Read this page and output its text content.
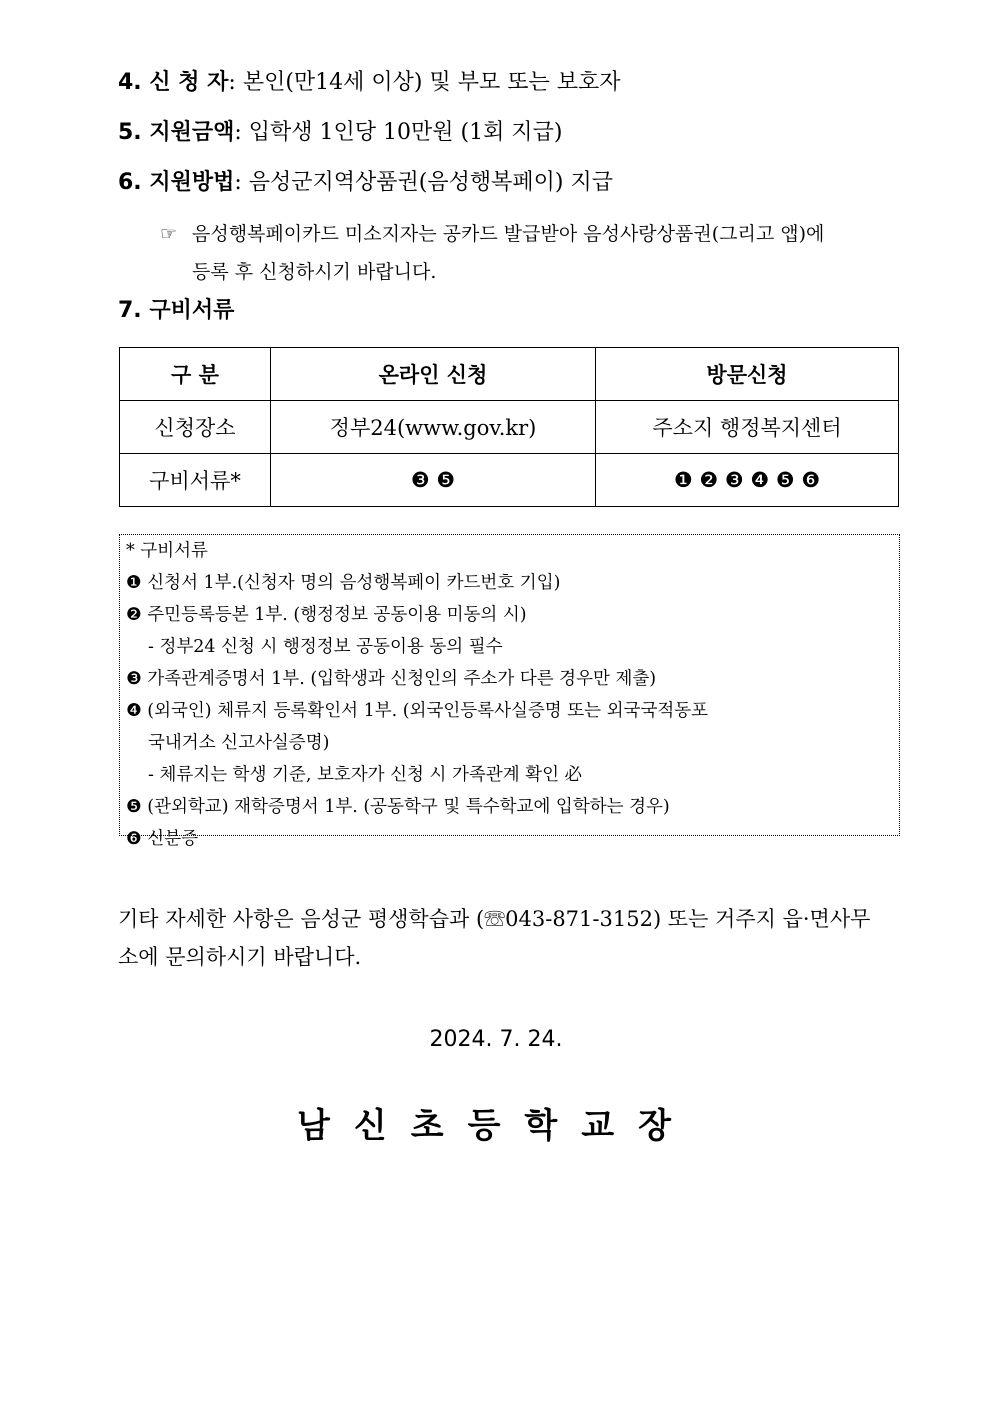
4. 신 청 자: 본인(만14세 이상) 및 부모 또는 보호자
5. 지원금액: 입학생 1인당 10만원 (1회 지급)
6. 지원방법: 음성군지역상품권(음성행복페이) 지급
☞ 음성행복페이카드 미소지자는 공카드 발급받아 음성사랑상품권(그리고 앱)에
등록 후 신청하시기 바랍니다.
7. 구비서류
구 분	온라인 신청	방문신청
신청장소	정부24(www.gov.kr)	주소지 행정복지센터
구비서류*	❸ ❺	❶ ❷ ❸ ❹ ❺ ❻
* 구비서류
❶ 신청서 1부.(신청자 명의 음성행복페이 카드번호 기입)
❷ 주민등록등본 1부. (행정정보 공동이용 미동의 시)
- 정부24 신청 시 행정정보 공동이용 동의 필수
❸ 가족관계증명서 1부. (입학생과 신청인의 주소가 다른 경우만 제출)
❹ (외국인) 체류지 등록확인서 1부. (외국인등록사실증명 또는 외국국적동포
국내거소 신고사실증명)
- 체류지는 학생 기준, 보호자가 신청 시 가족관계 확인 必
❺ (관외학교) 재학증명서 1부. (공동학구 및 특수학교에 입학하는 경우)
❻ 신분증
기타 자세한 사항은 음성군 평생학습과 (☏043-871-3152) 또는 거주지 읍·면사무소에 문의하시기 바랍니다.
2024. 7. 24.
남신초등학교장
